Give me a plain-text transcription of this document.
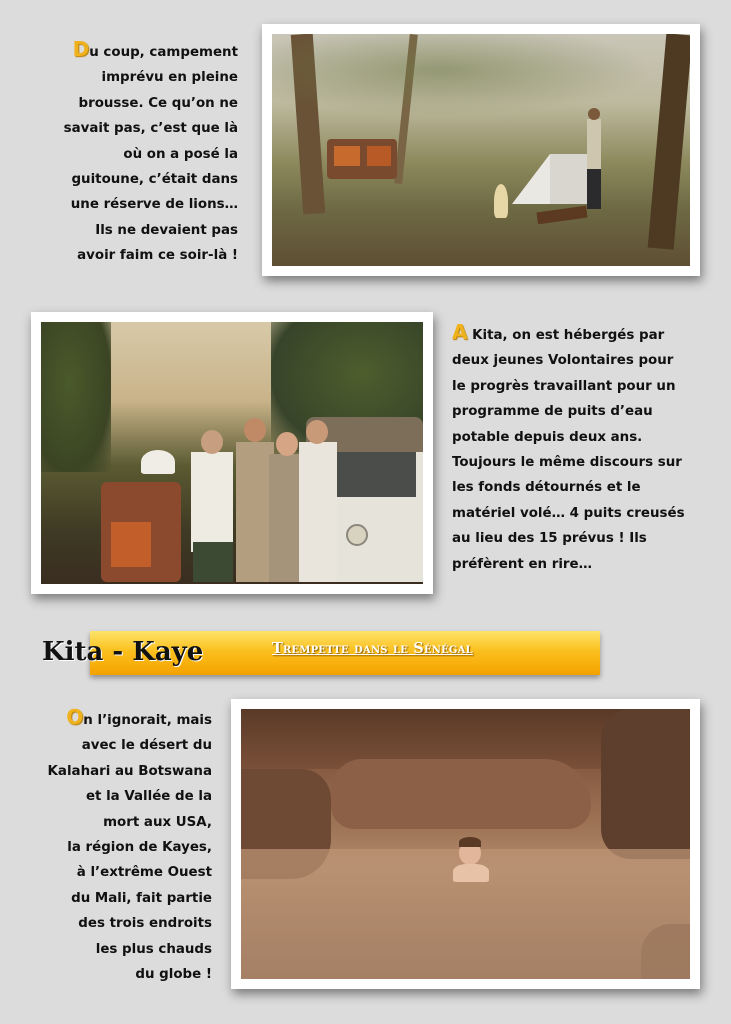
Du coup, campement
imprévu en pleine
brousse. Ce qu’on ne
savait pas, c’est que là
où on a posé la
guitoune, c’était dans
une réserve de lions…
Ils ne devaient pas
avoir faim ce soir-là !
A Kita, on est hébergés par
deux jeunes Volontaires pour
le progrès travaillant pour un
programme de puits d’eau
potable depuis deux ans.
Toujours le même discours sur
les fonds détournés et le
matériel volé… 4 puits creusés
au lieu des 15 prévus ! Ils
préfèrent en rire…
Kita - Kaye	Trempette dans le Sénégal
On l’ignorait, mais
avec le désert du
Kalahari au Botswana
et la Vallée de la
mort aux USA,
la région de Kayes,
à l’extrême Ouest
du Mali, fait partie
des trois endroits
les plus chauds
du globe !
